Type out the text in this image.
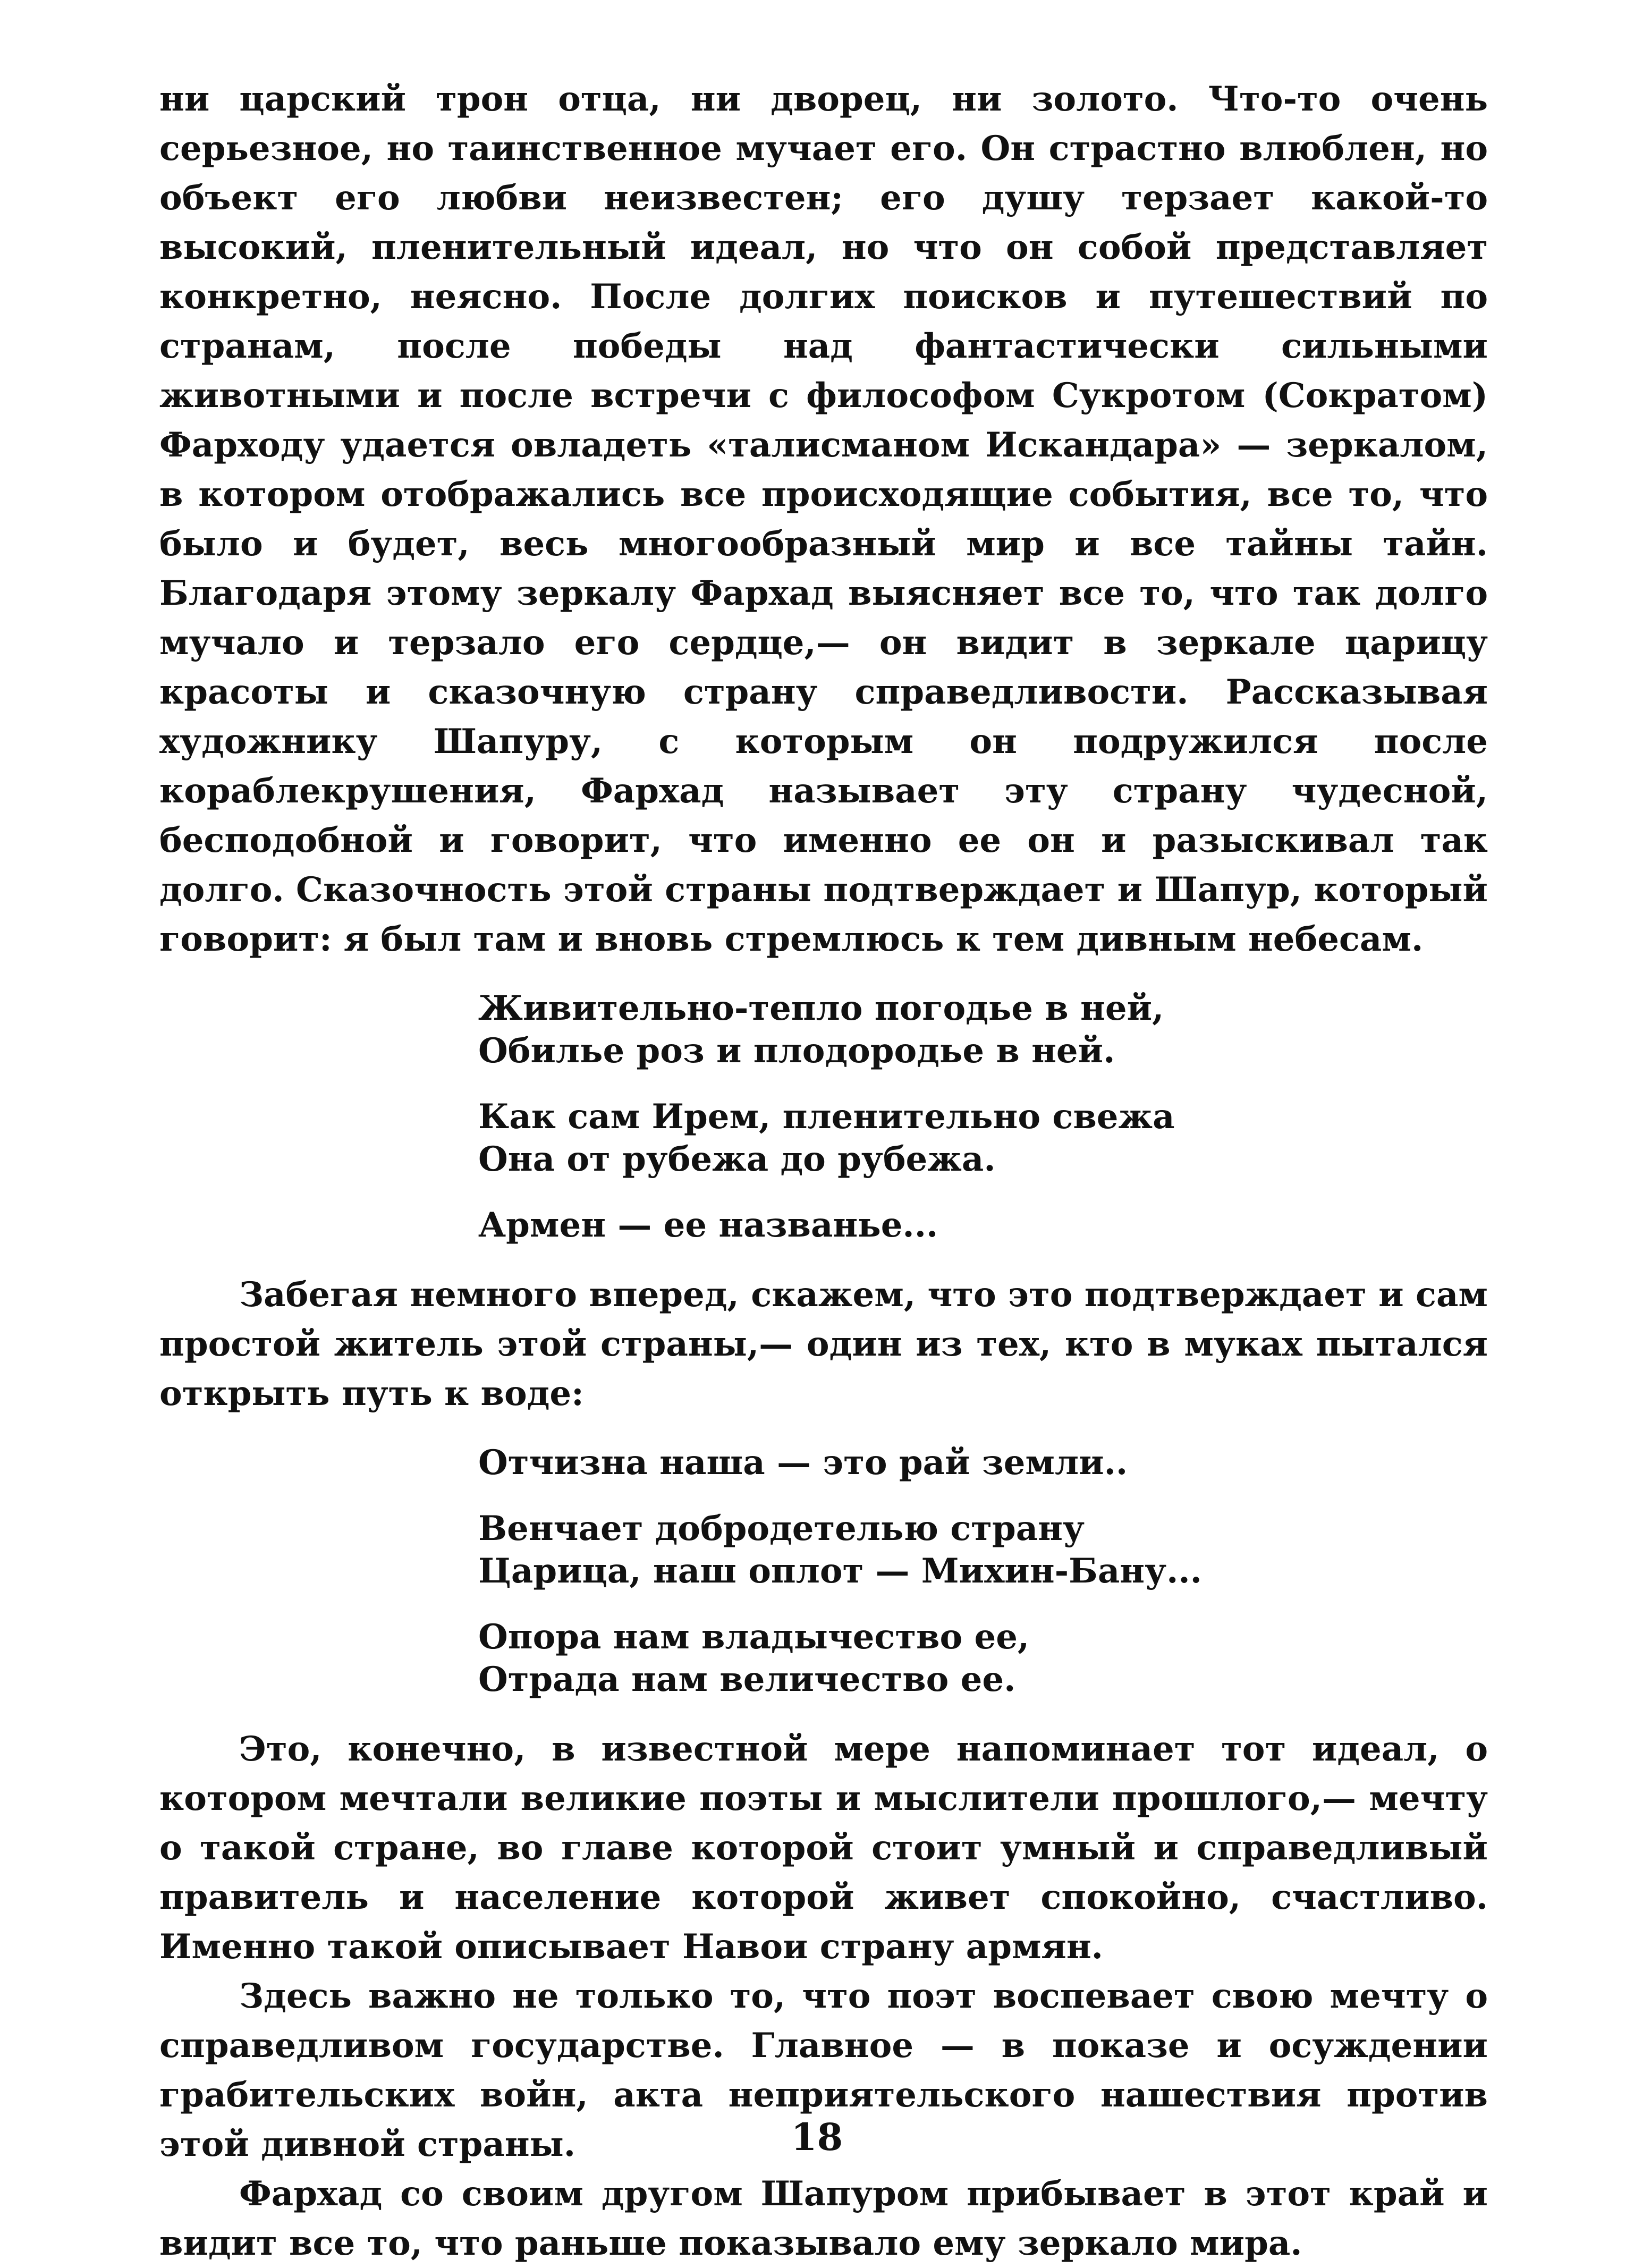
ни царский трон отца, ни дворец, ни золото. Что-то очень серьезное, но таинственное мучает его. Он страстно влюблен, но объект его любви неизвестен; его душу терзает какой-то высокий, пленительный идеал, но что он собой представляет конкретно, неясно. После долгих поисков и путешествий по странам, после победы над фантастически сильными животными и после встречи с философом Сукротом (Сократом) Фарходу удается овладеть «талисманом Искандара» — зеркалом, в котором отображались все происходящие события, все то, что было и будет, весь многообразный мир и все тайны тайн. Благодаря этому зеркалу Фархад выясняет все то, что так долго мучало и терзало его сердце,— он видит в зеркале царицу красоты и сказочную страну справедливости. Рассказывая художнику Шапуру, с которым он подружился после кораблекрушения, Фархад называет эту страну чудесной, бесподобной и говорит, что именно ее он и разыскивал так долго. Сказочность этой страны подтверждает и Шапур, который говорит: я был там и вновь стремлюсь к тем дивным небесам.

Живительно-тепло погодье в ней,
Обилье роз и плодородье в ней.
Как сам Ирем, пленительно свежа
Она от рубежа до рубежа.
Армен — ее названье...

Забегая немного вперед, скажем, что это подтверждает и сам простой житель этой страны,— один из тех, кто в муках пытался открыть путь к воде:

Отчизна наша — это рай земли..
Венчает добродетелью страну
Царица, наш оплот — Михин-Бану...
Опора нам владычество ее,
Отрада нам величество ее.

Это, конечно, в известной мере напоминает тот идеал, о котором мечтали великие поэты и мыслители прошлого,— мечту о такой стране, во главе которой стоит умный и справедливый правитель и население которой живет спокойно, счастливо. Именно такой описывает Навои страну армян.

Здесь важно не только то, что поэт воспевает свою мечту о справедливом государстве. Главное — в показе и осуждении грабительских войн, акта неприятельского нашествия против этой дивной страны.

Фархад со своим другом Шапуром прибывает в этот край и видит все то, что раньше показывало ему зеркало мира.

18
